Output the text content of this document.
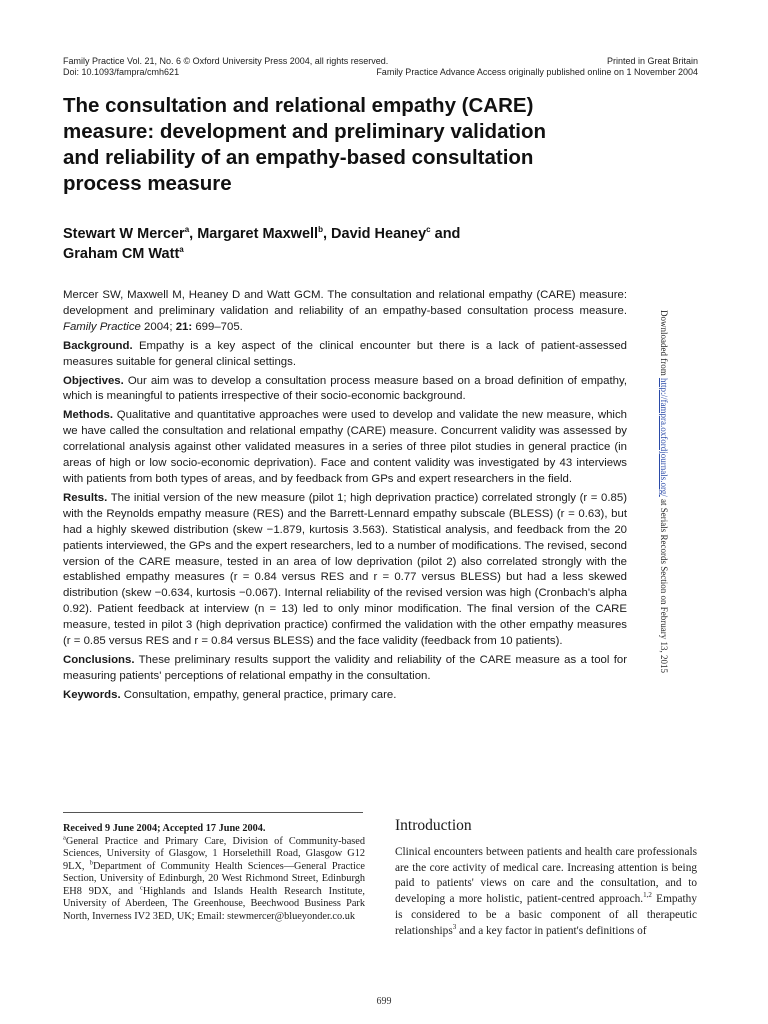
Family Practice Vol. 21, No. 6 © Oxford University Press 2004, all rights reserved.	Printed in Great Britain
Doi: 10.1093/fampra/cmh621	Family Practice Advance Access originally published online on 1 November 2004
The consultation and relational empathy (CARE)
measure: development and preliminary validation
and reliability of an empathy-based consultation
process measure
Stewart W Mercer$^a$, Margaret Maxwell$^b$, David Heaney$^c$ and
Graham CM Watt$^a$

Mercer SW, Maxwell M, Heaney D and Watt GCM. The consultation and relational empathy (CARE) measure: development and preliminary validation and reliability of an empathy-based consultation process measure. Family Practice 2004; 21: 699–705.

Background. Empathy is a key aspect of the clinical encounter but there is a lack of patient-assessed measures suitable for general clinical settings.

Objectives. Our aim was to develop a consultation process measure based on a broad definition of empathy, which is meaningful to patients irrespective of their socio-economic background.

Methods. Qualitative and quantitative approaches were used to develop and validate the new measure, which we have called the consultation and relational empathy (CARE) measure. Concurrent validity was assessed by correlational analysis against other validated measures in a series of three pilot studies in general practice (in areas of high or low socio-economic deprivation). Face and content validity was investigated by 43 interviews with patients from both types of areas, and by feedback from GPs and expert researchers in the field.

Results. The initial version of the new measure (pilot 1; high deprivation practice) correlated strongly (r = 0.85) with the Reynolds empathy measure (RES) and the Barrett-Lennard empathy subscale (BLESS) (r = 0.63), but had a highly skewed distribution (skew −1.879, kurtosis 3.563). Statistical analysis, and feedback from the 20 patients interviewed, the GPs and the expert researchers, led to a number of modifications. The revised, second version of the CARE measure, tested in an area of low deprivation (pilot 2) also correlated strongly with the established empathy measures (r = 0.84 versus RES and r = 0.77 versus BLESS) but had a less skewed distribution (skew −0.634, kurtosis −0.067). Internal reliability of the revised version was high (Cronbach's alpha 0.92). Patient feedback at interview (n = 13) led to only minor modification. The final version of the CARE measure, tested in pilot 3 (high deprivation practice) confirmed the validation with the other empathy measures (r = 0.85 versus RES and r = 0.84 versus BLESS) and the face validity (feedback from 10 patients).

Conclusions. These preliminary results support the validity and reliability of the CARE measure as a tool for measuring patients' perceptions of relational empathy in the consultation.

Keywords. Consultation, empathy, general practice, primary care.

Downloaded from http://fampra.oxfordjournals.org/ at Serials Records Section on February 13, 2015
Received 9 June 2004; Accepted 17 June 2004.
$^a$General Practice and Primary Care, Division of Community-based Sciences, University of Glasgow, 1 Horselethill Road, Glasgow G12 9LX, $^b$Department of Community Health Sciences—General Practice Section, University of Edinburgh, 20 West Richmond Street, Edinburgh EH8 9DX, and $^c$Highlands and Islands Health Research Institute, University of Aberdeen, The Greenhouse, Beechwood Business Park North, Inverness IV2 3ED, UK; Email: stewmercer@blueyonder.co.uk
Introduction
Clinical encounters between patients and health care professionals are the core activity of medical care. Increasing attention is being paid to patients' views on care and the consultation, and to developing a more holistic, patient-centred approach.$^{1,2}$ Empathy is considered to be a basic component of all therapeutic relationships$^3$ and a key factor in patient's definitions of
699
